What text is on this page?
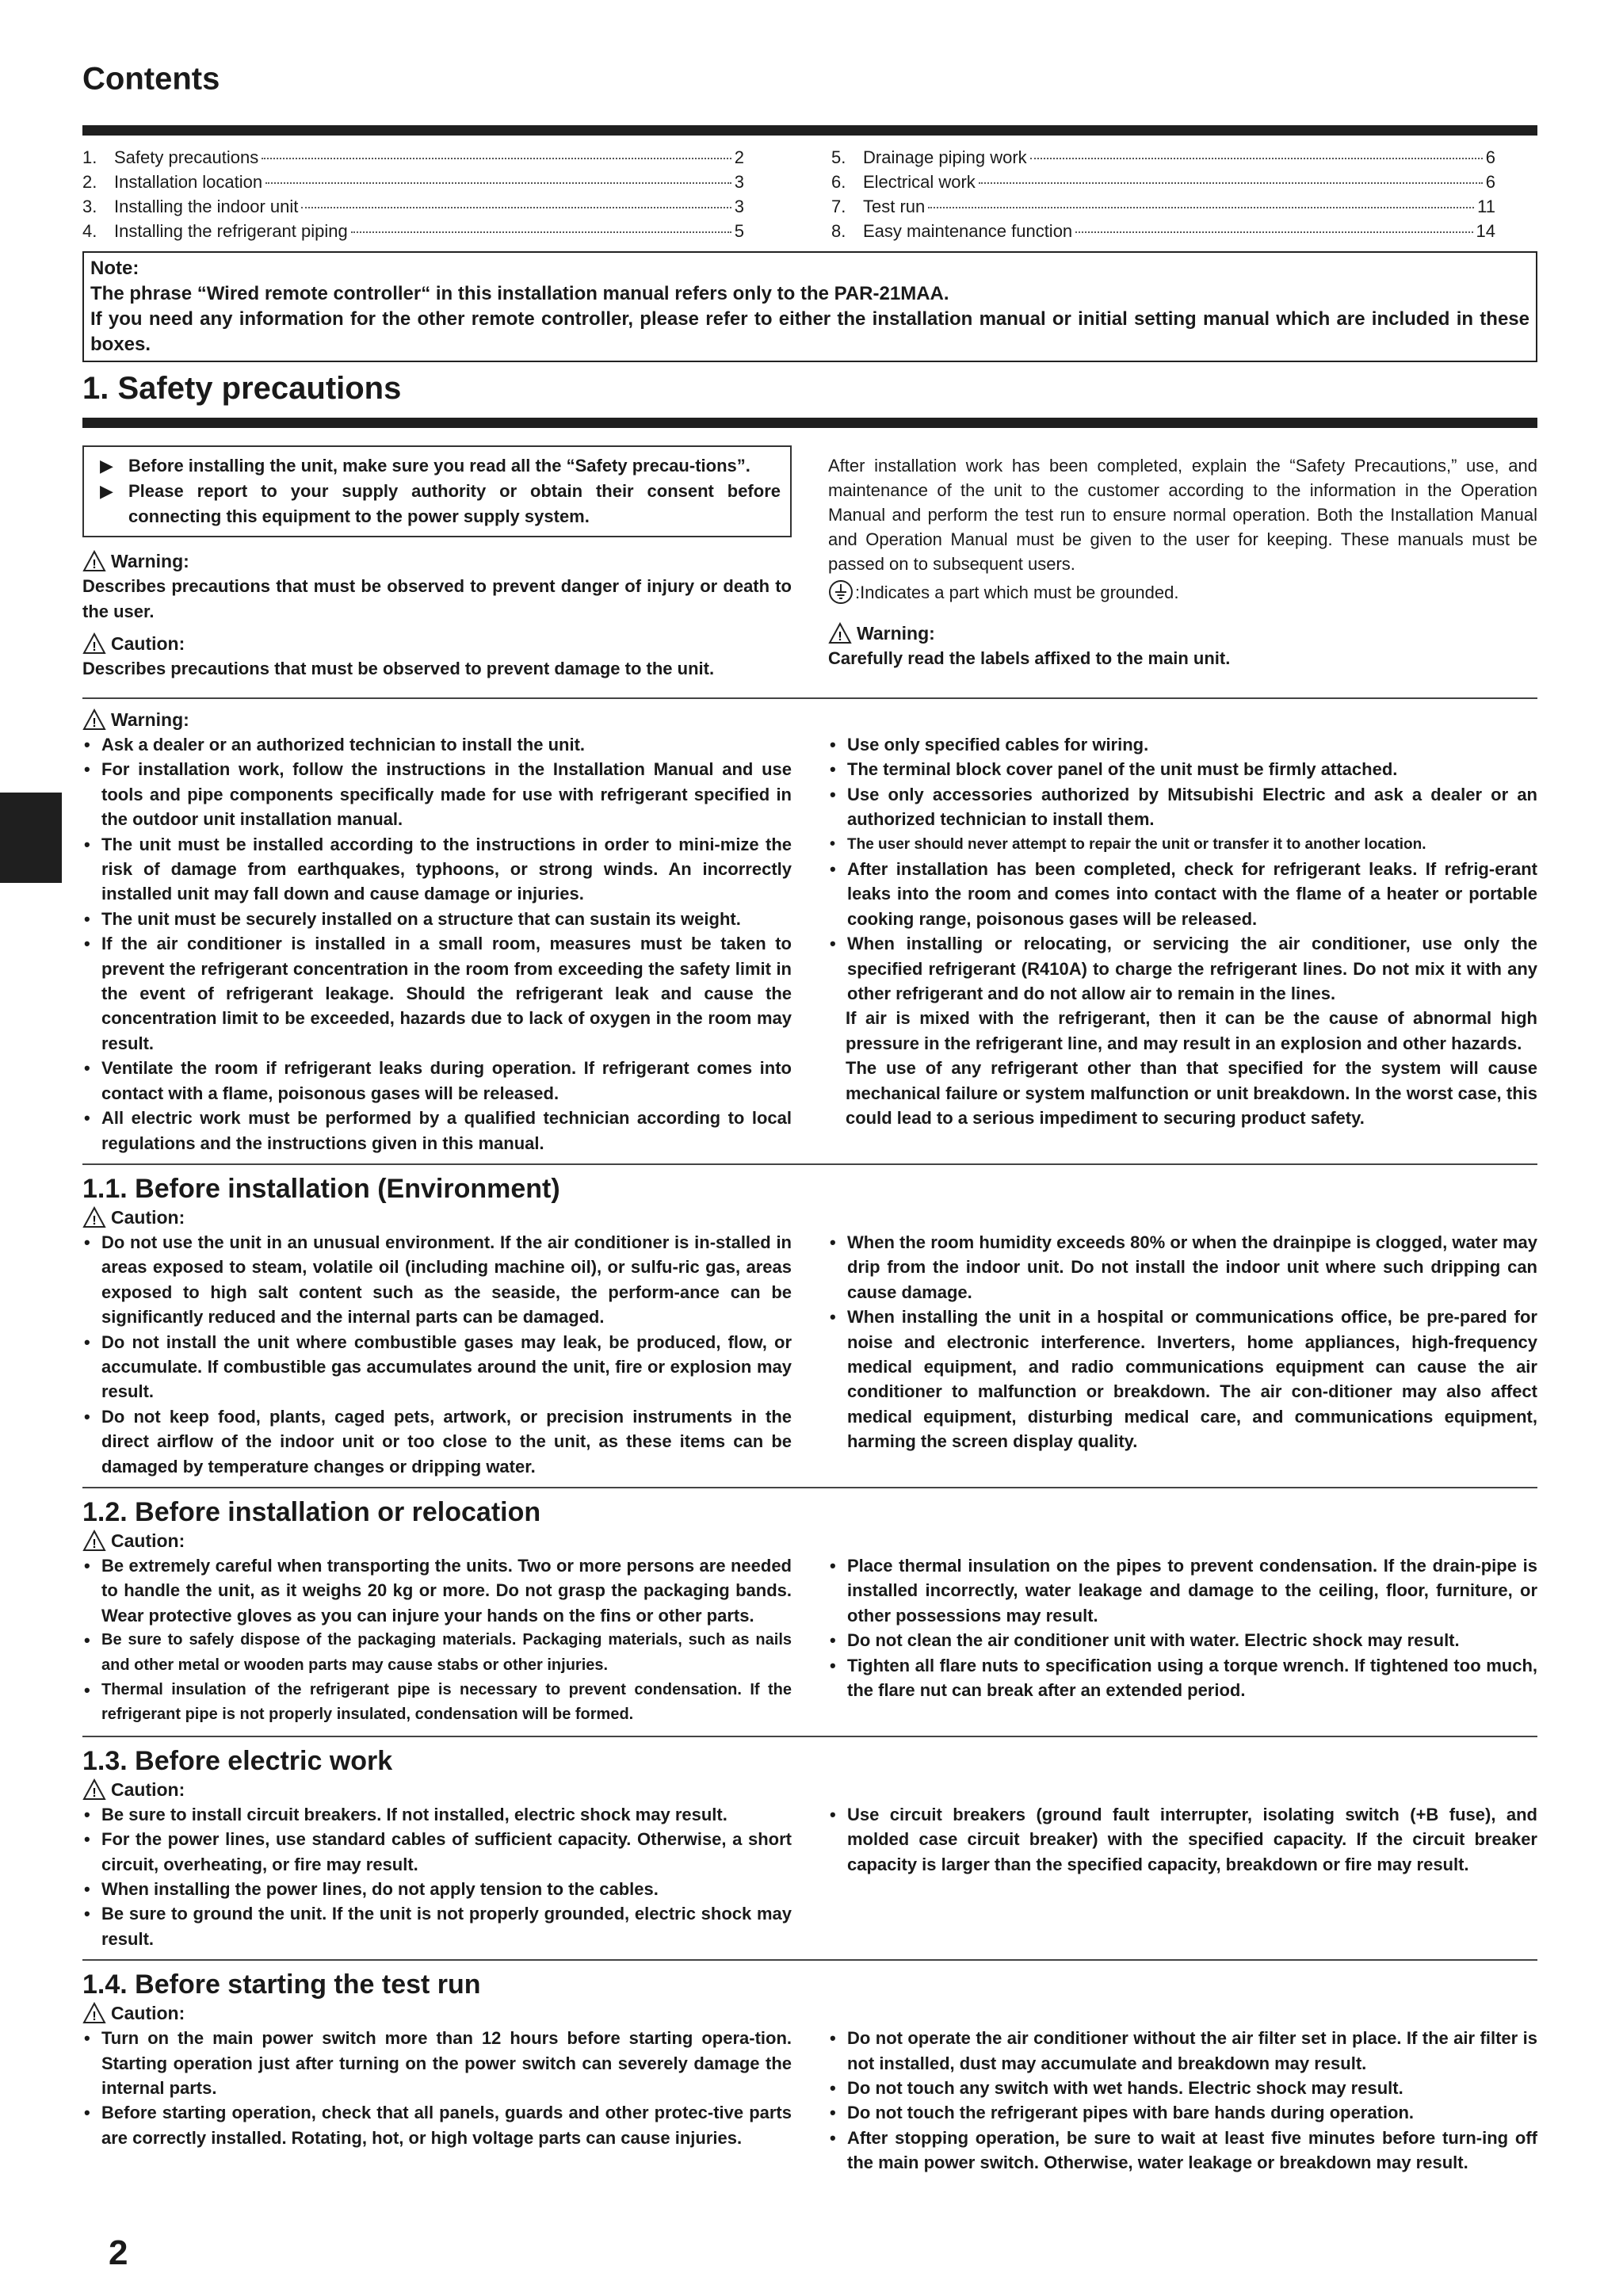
Contents
1. Safety precautions	2
2. Installation location	3
3. Installing the indoor unit	3
4. Installing the refrigerant piping	5
5. Drainage piping work	6
6. Electrical work	6
7. Test run	11
8. Easy maintenance function	14
Note:
The phrase “Wired remote controller“ in this installation manual refers only to the PAR-21MAA.
If you need any information for the other remote controller, please refer to either the installation manual or initial setting manual which are included in these boxes.
1. Safety precautions
▶ Before installing the unit, make sure you read all the “Safety precau-tions”.
▶ Please report to your supply authority or obtain their consent before connecting this equipment to the power supply system.
! Warning:
Describes precautions that must be observed to prevent danger of injury or death to the user.
! Caution:
Describes precautions that must be observed to prevent damage to the unit.
After installation work has been completed, explain the “Safety Precautions,” use, and maintenance of the unit to the customer according to the information in the Operation Manual and perform the test run to ensure normal operation. Both the Installation Manual and Operation Manual must be given to the user for keeping. These manuals must be passed on to subsequent users.
:Indicates a part which must be grounded.
! Warning:
Carefully read the labels affixed to the main unit.
! Warning:
• Ask a dealer or an authorized technician to install the unit.
• For installation work, follow the instructions in the Installation Manual and use tools and pipe components specifically made for use with refrigerant specified in the outdoor unit installation manual.
• The unit must be installed according to the instructions in order to mini-mize the risk of damage from earthquakes, typhoons, or strong winds. An incorrectly installed unit may fall down and cause damage or injuries.
• The unit must be securely installed on a structure that can sustain its weight.
• If the air conditioner is installed in a small room, measures must be taken to prevent the refrigerant concentration in the room from exceeding the safety limit in the event of refrigerant leakage. Should the refrigerant leak and cause the concentration limit to be exceeded, hazards due to lack of oxygen in the room may result.
• Ventilate the room if refrigerant leaks during operation. If refrigerant comes into contact with a flame, poisonous gases will be released.
• All electric work must be performed by a qualified technician according to local regulations and the instructions given in this manual.
• Use only specified cables for wiring.
• The terminal block cover panel of the unit must be firmly attached.
• Use only accessories authorized by Mitsubishi Electric and ask a dealer or an authorized technician to install them.
• The user should never attempt to repair the unit or transfer it to another location.
• After installation has been completed, check for refrigerant leaks. If refrig-erant leaks into the room and comes into contact with the flame of a heater or portable cooking range, poisonous gases will be released.
• When installing or relocating, or servicing the air conditioner, use only the specified refrigerant (R410A) to charge the refrigerant lines. Do not mix it with any other refrigerant and do not allow air to remain in the lines.
If air is mixed with the refrigerant, then it can be the cause of abnormal high pressure in the refrigerant line, and may result in an explosion and other hazards.
The use of any refrigerant other than that specified for the system will cause mechanical failure or system malfunction or unit breakdown. In the worst case, this could lead to a serious impediment to securing product safety.
1.1. Before installation (Environment)
! Caution:
• Do not use the unit in an unusual environment. If the air conditioner is in-stalled in areas exposed to steam, volatile oil (including machine oil), or sulfu-ric gas, areas exposed to high salt content such as the seaside, the perform-ance can be significantly reduced and the internal parts can be damaged.
• Do not install the unit where combustible gases may leak, be produced, flow, or accumulate. If combustible gas accumulates around the unit, fire or explosion may result.
• Do not keep food, plants, caged pets, artwork, or precision instruments in the direct airflow of the indoor unit or too close to the unit, as these items can be damaged by temperature changes or dripping water.
• When the room humidity exceeds 80% or when the drainpipe is clogged, water may drip from the indoor unit. Do not install the indoor unit where such dripping can cause damage.
• When installing the unit in a hospital or communications office, be pre-pared for noise and electronic interference. Inverters, home appliances, high-frequency medical equipment, and radio communications equipment can cause the air conditioner to malfunction or breakdown. The air con-ditioner may also affect medical equipment, disturbing medical care, and communications equipment, harming the screen display quality.
1.2. Before installation or relocation
! Caution:
• Be extremely careful when transporting the units. Two or more persons are needed to handle the unit, as it weighs 20 kg or more. Do not grasp the packaging bands. Wear protective gloves as you can injure your hands on the fins or other parts.
• Be sure to safely dispose of the packaging materials. Packaging materials, such as nails and other metal or wooden parts may cause stabs or other injuries.
• Thermal insulation of the refrigerant pipe is necessary to prevent condensation. If the refrigerant pipe is not properly insulated, condensation will be formed.
• Place thermal insulation on the pipes to prevent condensation. If the drain-pipe is installed incorrectly, water leakage and damage to the ceiling, floor, furniture, or other possessions may result.
• Do not clean the air conditioner unit with water. Electric shock may result.
• Tighten all flare nuts to specification using a torque wrench. If tightened too much, the flare nut can break after an extended period.
1.3. Before electric work
! Caution:
• Be sure to install circuit breakers. If not installed, electric shock may result.
• For the power lines, use standard cables of sufficient capacity. Otherwise, a short circuit, overheating, or fire may result.
• When installing the power lines, do not apply tension to the cables.
• Be sure to ground the unit. If the unit is not properly grounded, electric shock may result.
• Use circuit breakers (ground fault interrupter, isolating switch (+B fuse), and molded case circuit breaker) with the specified capacity. If the circuit breaker capacity is larger than the specified capacity, breakdown or fire may result.
1.4. Before starting the test run
! Caution:
• Turn on the main power switch more than 12 hours before starting opera-tion. Starting operation just after turning on the power switch can severely damage the internal parts.
• Before starting operation, check that all panels, guards and other protec-tive parts are correctly installed. Rotating, hot, or high voltage parts can cause injuries.
• Do not operate the air conditioner without the air filter set in place. If the air filter is not installed, dust may accumulate and breakdown may result.
• Do not touch any switch with wet hands. Electric shock may result.
• Do not touch the refrigerant pipes with bare hands during operation.
• After stopping operation, be sure to wait at least five minutes before turn-ing off the main power switch. Otherwise, water leakage or breakdown may result.
2
